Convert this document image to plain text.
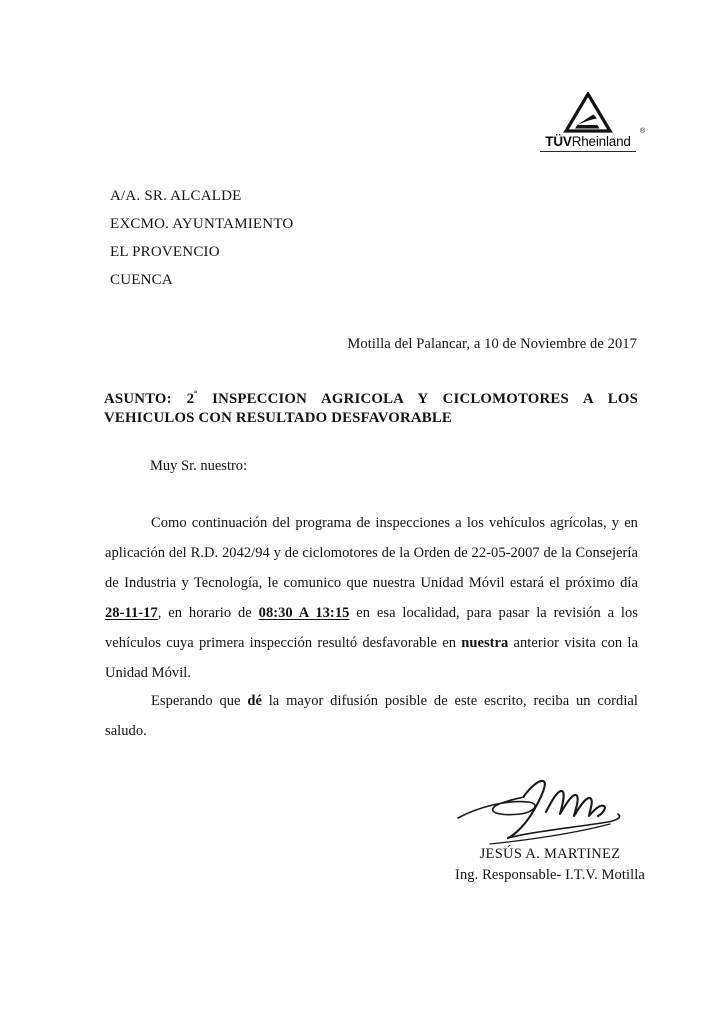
TÜVRheinland
®
A/A. SR. ALCALDE
EXCMO. AYUNTAMIENTO
EL PROVENCIO
CUENCA
Motilla del Palancar, a 10 de Noviembre de 2017
ASUNTO: $2^ª$ INSPECCION AGRICOLA Y CICLOMOTORES A LOS VEHICULOS CON RESULTADO DESFAVORABLE
Muy Sr. nuestro:
Como continuación del programa de inspecciones a los vehículos agrícolas, y en aplicación del R.D. 2042/94 y de ciclomotores de la Orden de 22-05-2007 de la Consejería de Industria y Tecnología, le comunico que nuestra Unidad Móvil estará el próximo día 28-11-17, en horario de 08:30 A 13:15 en esa localidad, para pasar la revisión a los vehículos cuya primera inspección resultó desfavorable en nuestra anterior visita con la Unidad Móvil.
Esperando que dé la mayor difusión posible de este escrito, reciba un cordial saludo.
JESÚS A. MARTINEZ
Ing. Responsable- I.T.V. Motilla
